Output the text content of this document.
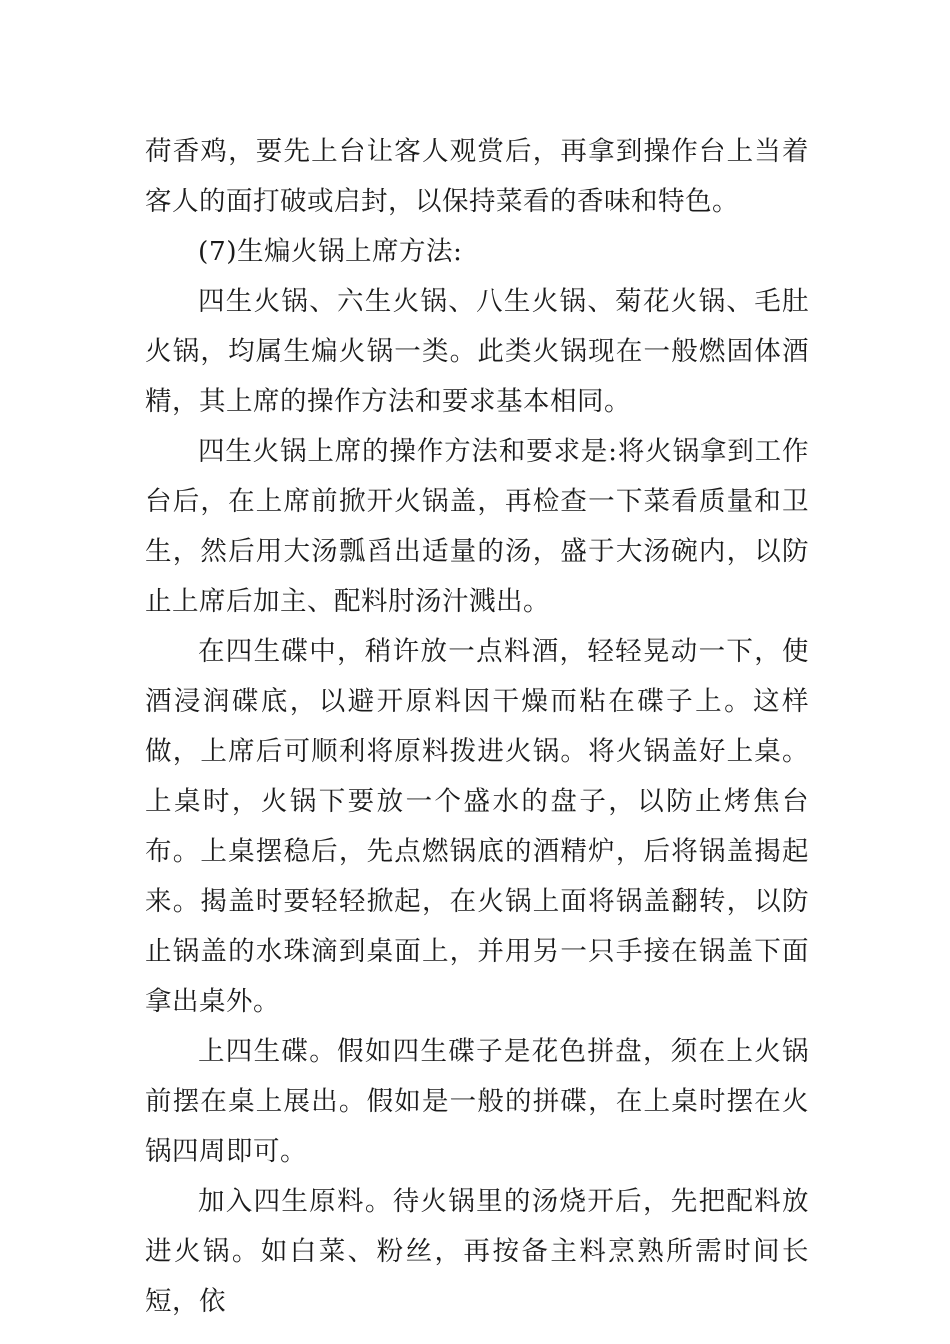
荷香鸡，要先上台让客人观赏后，再拿到操作台上当着客人的面打破或启封，以保持菜看的香味和特色。

(7)生煸火锅上席方法:

四生火锅、六生火锅、八生火锅、菊花火锅、毛肚火锅，均属生煸火锅一类。此类火锅现在一般燃固体酒精，其上席的操作方法和要求基本相同。

四生火锅上席的操作方法和要求是:将火锅拿到工作台后，在上席前掀开火锅盖，再检查一下菜看质量和卫生，然后用大汤瓢舀出适量的汤，盛于大汤碗内，以防止上席后加主、配料肘汤汁溅出。

在四生碟中，稍许放一点料酒，轻轻晃动一下，使酒浸润碟底，以避开原料因干燥而粘在碟子上。这样做，上席后可顺利将原料拨进火锅。将火锅盖好上桌。上桌时，火锅下要放一个盛水的盘子，以防止烤焦台布。上桌摆稳后，先点燃锅底的酒精炉，后将锅盖揭起来。揭盖时要轻轻掀起，在火锅上面将锅盖翻转，以防止锅盖的水珠滴到桌面上，并用另一只手接在锅盖下面拿出桌外。

上四生碟。假如四生碟子是花色拼盘，须在上火锅前摆在桌上展出。假如是一般的拼碟，在上桌时摆在火锅四周即可。

加入四生原料。待火锅里的汤烧开后，先把配料放进火锅。如白菜、粉丝，再按备主料烹熟所需时间长短，依
